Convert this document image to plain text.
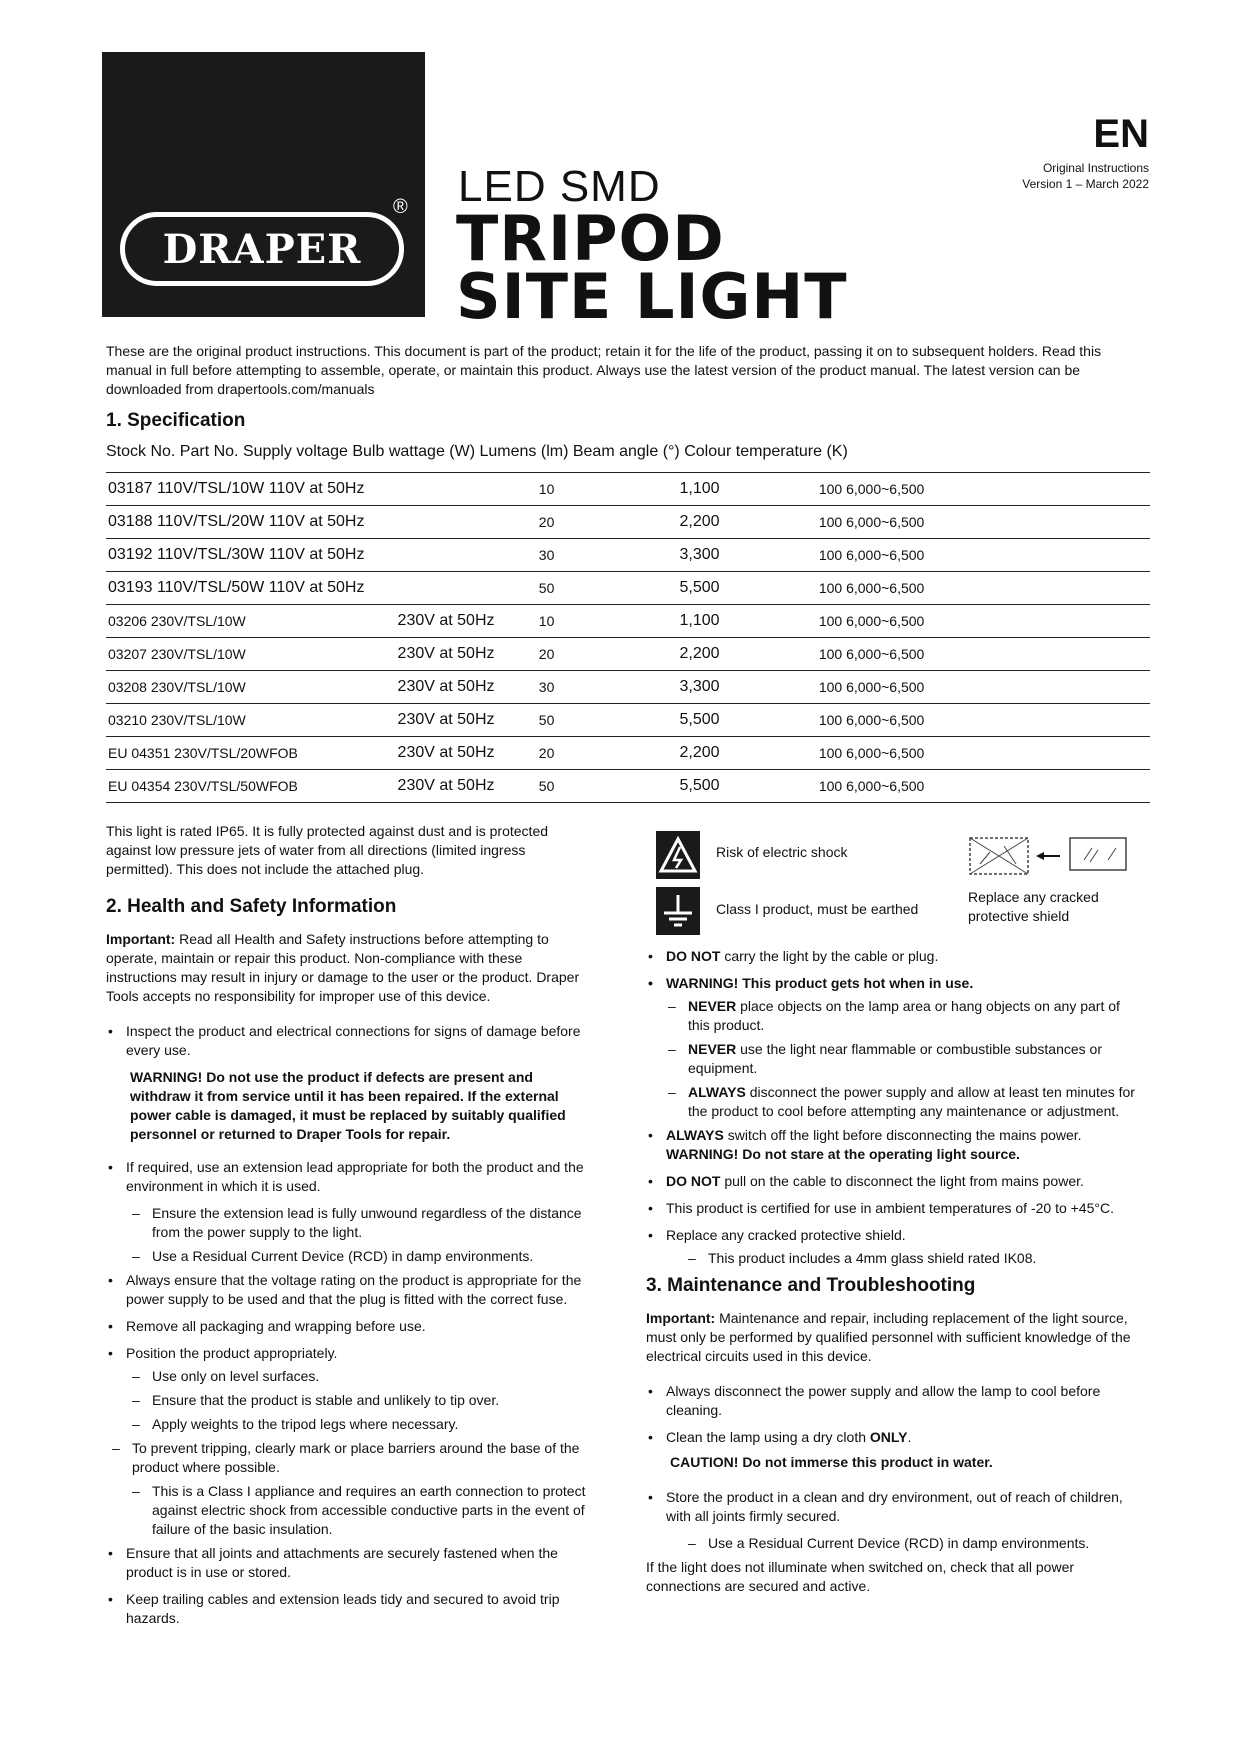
DRAPER
® LED SMD
TRIPOD
SITE LIGHT
EN
Original Instructions
Version 1 – March 2022
These are the original product instructions. This document is part of the product; retain it for the life of the product, passing it on to subsequent holders. Read this manual in full before attempting to assemble, operate, or maintain this product. Always use the latest version of the product manual. The latest version can be downloaded from drapertools.com/manuals
1. Specification
Stock No. Part No. Supply voltage Bulb wattage (W) Lumens (lm) Beam angle (°) Colour temperature (K)
03187 110V/TSL/10W 110V at 50Hz		10	1,100	100 6,000~6,500
03188 110V/TSL/20W 110V at 50Hz		20	2,200	100 6,000~6,500
03192 110V/TSL/30W 110V at 50Hz		30	3,300	100 6,000~6,500
03193 110V/TSL/50W 110V at 50Hz		50	5,500	100 6,000~6,500
03206 230V/TSL/10W	230V at 50Hz	10	1,100	100 6,000~6,500
03207 230V/TSL/10W	230V at 50Hz	20	2,200	100 6,000~6,500
03208 230V/TSL/10W	230V at 50Hz	30	3,300	100 6,000~6,500
03210 230V/TSL/10W	230V at 50Hz	50	5,500	100 6,000~6,500
EU 04351 230V/TSL/20WFOB	230V at 50Hz	20	2,200	100 6,000~6,500
EU 04354 230V/TSL/50WFOB	230V at 50Hz	50	5,500	100 6,000~6,500

This light is rated IP65. It is fully protected against dust and is protected against low pressure jets of water from all directions (limited ingress permitted). This does not include the attached plug.

2. Health and Safety Information

Important: Read all Health and Safety instructions before attempting to operate, maintain or repair this product. Non-compliance with these instructions may result in injury or damage to the user or the product. Draper Tools accepts no responsibility for improper use of this device.

• Inspect the product and electrical connections for signs of damage before every use.
WARNING! Do not use the product if defects are present and withdraw it from service until it has been repaired. If the external power cable is damaged, it must be replaced by suitably qualified personnel or returned to Draper Tools for repair.
• If required, use an extension lead appropriate for both the product and the environment in which it is used.
– Ensure the extension lead is fully unwound regardless of the distance from the power supply to the light.
– Use a Residual Current Device (RCD) in damp environments.
• Always ensure that the voltage rating on the product is appropriate for the power supply to be used and that the plug is fitted with the correct fuse.
• Remove all packaging and wrapping before use.
• Position the product appropriately.
– Use only on level surfaces.
– Ensure that the product is stable and unlikely to tip over.
– Apply weights to the tripod legs where necessary.
– To prevent tripping, clearly mark or place barriers around the base of the product where possible.
– This is a Class I appliance and requires an earth connection to protect against electric shock from accessible conductive parts in the event of failure of the basic insulation.
• Ensure that all joints and attachments are securely fastened when the product is in use or stored.
• Keep trailing cables and extension leads tidy and secured to avoid trip hazards.
Risk of electric shock
Class I product, must be earthed
Replace any cracked protective shield
• DO NOT carry the light by the cable or plug.
• WARNING! This product gets hot when in use.
– NEVER place objects on the lamp area or hang objects on any part of this product.
– NEVER use the light near flammable or combustible substances or equipment.
– ALWAYS disconnect the power supply and allow at least ten minutes for the product to cool before attempting any maintenance or adjustment.
• ALWAYS switch off the light before disconnecting the mains power.
WARNING! Do not stare at the operating light source.
• DO NOT pull on the cable to disconnect the light from mains power.
• This product is certified for use in ambient temperatures of -20 to +45°C.
• Replace any cracked protective shield.
– This product includes a 4mm glass shield rated IK08.

3. Maintenance and Troubleshooting

Important: Maintenance and repair, including replacement of the light source, must only be performed by qualified personnel with sufficient knowledge of the electrical circuits used in this device.

• Always disconnect the power supply and allow the lamp to cool before cleaning.
• Clean the lamp using a dry cloth ONLY.
CAUTION! Do not immerse this product in water.
• Store the product in a clean and dry environment, out of reach of children, with all joints firmly secured.
– Use a Residual Current Device (RCD) in damp environments.

If the light does not illuminate when switched on, check that all power connections are secured and active.
